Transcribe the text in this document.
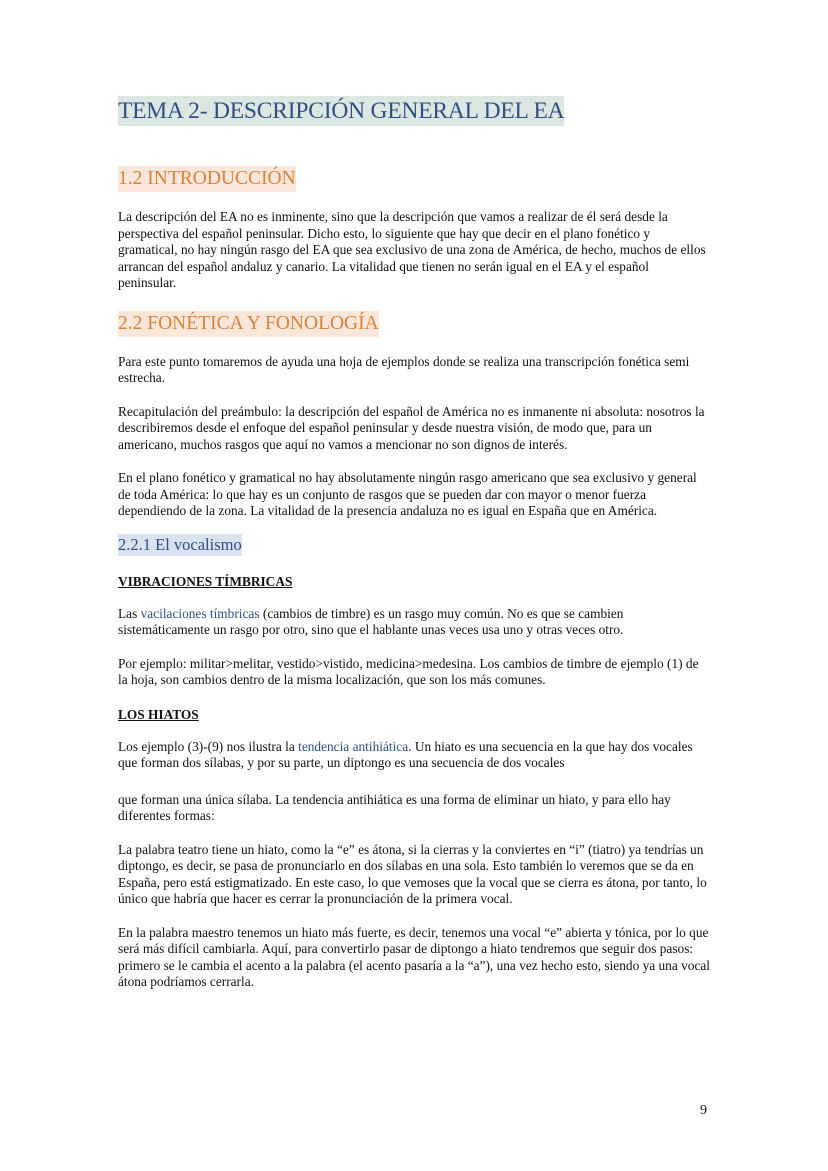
TEMA 2- DESCRIPCIÓN GENERAL DEL EA
1.2 INTRODUCCIÓN

La descripción del EA no es inminente, sino que la descripción que vamos a realizar de él será desde la perspectiva del español peninsular. Dicho esto, lo siguiente que hay que decir en el plano fonético y gramatical, no hay ningún rasgo del EA que sea exclusivo de una zona de América, de hecho, muchos de ellos arrancan del español andaluz y canario. La vitalidad que tienen no serán igual en el EA y el español peninsular.

2.2 FONÉTICA Y FONOLOGÍA

Para este punto tomaremos de ayuda una hoja de ejemplos donde se realiza una transcripción fonética semi estrecha.

Recapitulación del preámbulo: la descripción del español de América no es inmanente ni absoluta: nosotros la describiremos desde el enfoque del español peninsular y desde nuestra visión, de modo que, para un americano, muchos rasgos que aquí no vamos a mencionar no son dignos de interés.

En el plano fonético y gramatical no hay absolutamente ningún rasgo americano que sea exclusivo y general de toda América: lo que hay es un conjunto de rasgos que se pueden dar con mayor o menor fuerza dependiendo de la zona. La vitalidad de la presencia andaluza no es igual en España que en América.

2.2.1 El vocalismo

VIBRACIONES TÍMBRICAS

Las vacilaciones tímbricas (cambios de timbre) es un rasgo muy común. No es que se cambien sistemáticamente un rasgo por otro, sino que el hablante unas veces usa uno y otras veces otro.

Por ejemplo: militar>melitar, vestido>vistido, medicina>medesina. Los cambios de timbre de ejemplo (1) de la hoja, son cambios dentro de la misma localización, que son los más comunes.

LOS HIATOS

Los ejemplo (3)-(9) nos ilustra la tendencia antihiática. Un hiato es una secuencia en la que hay dos vocales que forman dos sílabas, y por su parte, un diptongo es una secuencia de dos vocales

que forman una única sílaba. La tendencia antihiática es una forma de eliminar un hiato, y para ello hay diferentes formas:

La palabra teatro tiene un hiato, como la “e” es átona, si la cierras y la conviertes en “i” (tiatro) ya tendrías un diptongo, es decir, se pasa de pronunciarlo en dos sílabas en una sola. Esto también lo veremos que se da en España, pero está estigmatizado. En este caso, lo que vemoses que la vocal que se cierra es átona, por tanto, lo único que habría que hacer es cerrar la pronunciación de la primera vocal.

En la palabra maestro tenemos un hiato más fuerte, es decir, tenemos una vocal “e” abierta y tónica, por lo que será más difícil cambiarla. Aquí, para convertirlo pasar de diptongo a hiato tendremos que seguir dos pasos: primero se le cambia el acento a la palabra (el acento pasaría a la “a”), una vez hecho esto, siendo ya una vocal átona podríamos cerrarla.

9
